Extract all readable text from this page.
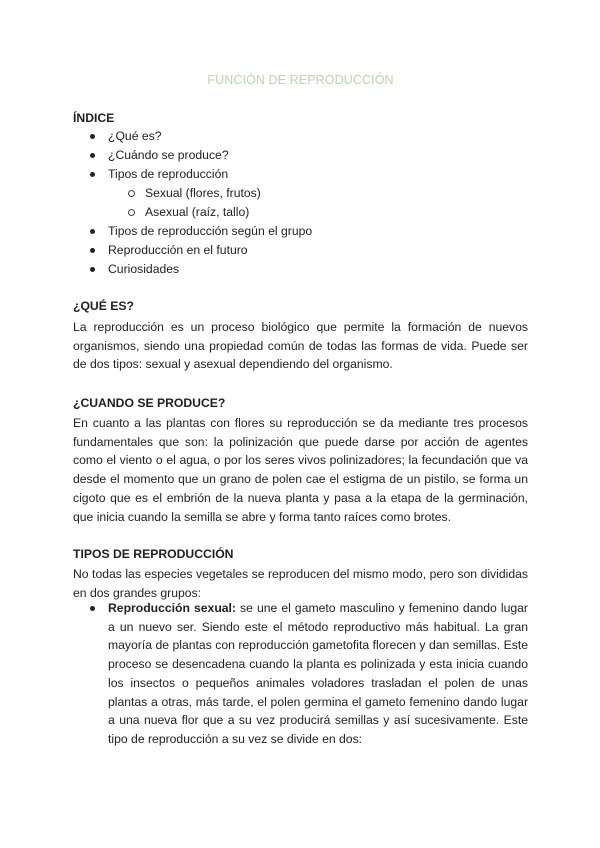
FUNCIÓN DE REPRODUCCIÓN
ÍNDICE
¿Qué es?
¿Cuándo se produce?
Tipos de reproducción
Sexual (flores, frutos)
Asexual (raíz, tallo)
Tipos de reproducción según el grupo
Reproducción en el futuro
Curiosidades
¿QUÉ ES?
La reproducción es un proceso biológico que permite la formación de nuevos organismos, siendo una propiedad común de todas las formas de vida. Puede ser de dos tipos: sexual y asexual dependiendo del organismo.
¿CUANDO SE PRODUCE?
En cuanto a las plantas con flores su reproducción se da mediante tres procesos fundamentales que son: la polinización que puede darse por acción de agentes como el viento o el agua, o por los seres vivos polinizadores; la fecundación que va desde el momento que un grano de polen cae el estigma de un pistilo, se forma un cigoto que es el embrión de la nueva planta y pasa a la etapa de la germinación, que inicia cuando la semilla se abre y forma tanto raíces como brotes.
TIPOS DE REPRODUCCIÓN
No todas las especies vegetales se reproducen del mismo modo, pero son divididas en dos grandes grupos:
Reproducción sexual: se une el gameto masculino y femenino dando lugar a un nuevo ser. Siendo este el método reproductivo más habitual. La gran mayoría de plantas con reproducción gametofita florecen y dan semillas. Este proceso se desencadena cuando la planta es polinizada y esta inicia cuando los insectos o pequeños animales voladores trasladan el polen de unas plantas a otras, más tarde, el polen germina el gameto femenino dando lugar a una nueva flor que a su vez producirá semillas y así sucesivamente. Este tipo de reproducción a su vez se divide en dos:
